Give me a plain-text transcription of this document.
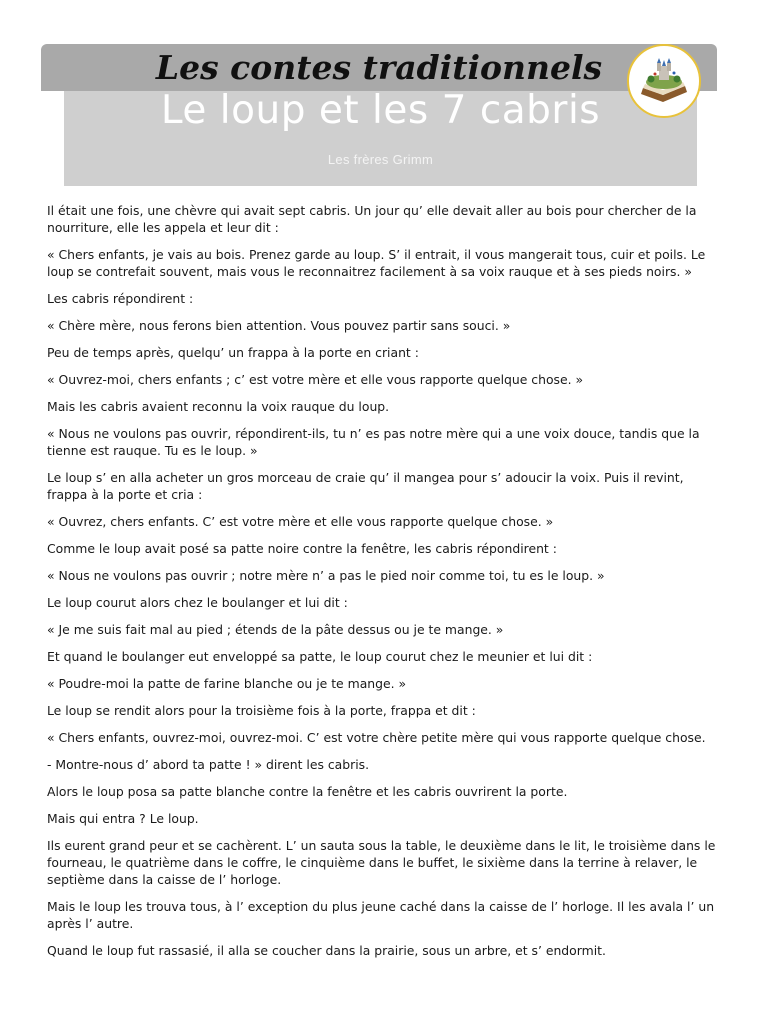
Les contes traditionnels
Le loup et les 7 cabris
Les frères Grimm

Il était une fois, une chèvre qui avait sept cabris. Un jour qu’ elle devait aller au bois pour chercher de la nourriture, elle les appela et leur dit :

« Chers enfants, je vais au bois. Prenez garde au loup. S’ il entrait, il vous mangerait tous, cuir et poils. Le loup se contrefait souvent, mais vous le reconnaitrez facilement à sa voix rauque et à ses pieds noirs. »

Les cabris répondirent :

« Chère mère, nous ferons bien attention. Vous pouvez partir sans souci. »

Peu de temps après, quelqu’ un frappa à la porte en criant :

« Ouvrez-moi, chers enfants ; c’ est votre mère et elle vous rapporte quelque chose. »

Mais les cabris avaient reconnu la voix rauque du loup.

« Nous ne voulons pas ouvrir, répondirent-ils, tu n’ es pas notre mère qui a une voix douce, tandis que la tienne est rauque. Tu es le loup. »

Le loup s’ en alla acheter un gros morceau de craie qu’ il mangea pour s’ adoucir la voix. Puis il revint, frappa à la porte et cria :

« Ouvrez, chers enfants. C’ est votre mère et elle vous rapporte quelque chose. »

Comme le loup avait posé sa patte noire contre la fenêtre, les cabris répondirent :

« Nous ne voulons pas ouvrir ; notre mère n’ a pas le pied noir comme toi, tu es le loup. »

Le loup courut alors chez le boulanger et lui dit :

« Je me suis fait mal au pied ; étends de la pâte dessus ou je te mange. »

Et quand le boulanger eut enveloppé sa patte, le loup courut chez le meunier et lui dit :

« Poudre-moi la patte de farine blanche ou je te mange. »

Le loup se rendit alors pour la troisième fois à la porte, frappa et dit :

« Chers enfants, ouvrez-moi, ouvrez-moi. C’ est votre chère petite mère qui vous rapporte quelque chose.

- Montre-nous d’ abord ta patte ! » dirent les cabris.

Alors le loup posa sa patte blanche contre la fenêtre et les cabris ouvrirent la porte.

Mais qui entra ? Le loup.

Ils eurent grand peur et se cachèrent. L’ un sauta sous la table, le deuxième dans le lit, le troisième dans le fourneau, le quatrième dans le coffre, le cinquième dans le buffet, le sixième dans la terrine à relaver, le septième dans la caisse de l’ horloge.

Mais le loup les trouva tous, à l’ exception du plus jeune caché dans la caisse de l’ horloge. Il les avala l’ un après l’ autre.

Quand le loup fut rassasié, il alla se coucher dans la prairie, sous un arbre, et s’ endormit.
